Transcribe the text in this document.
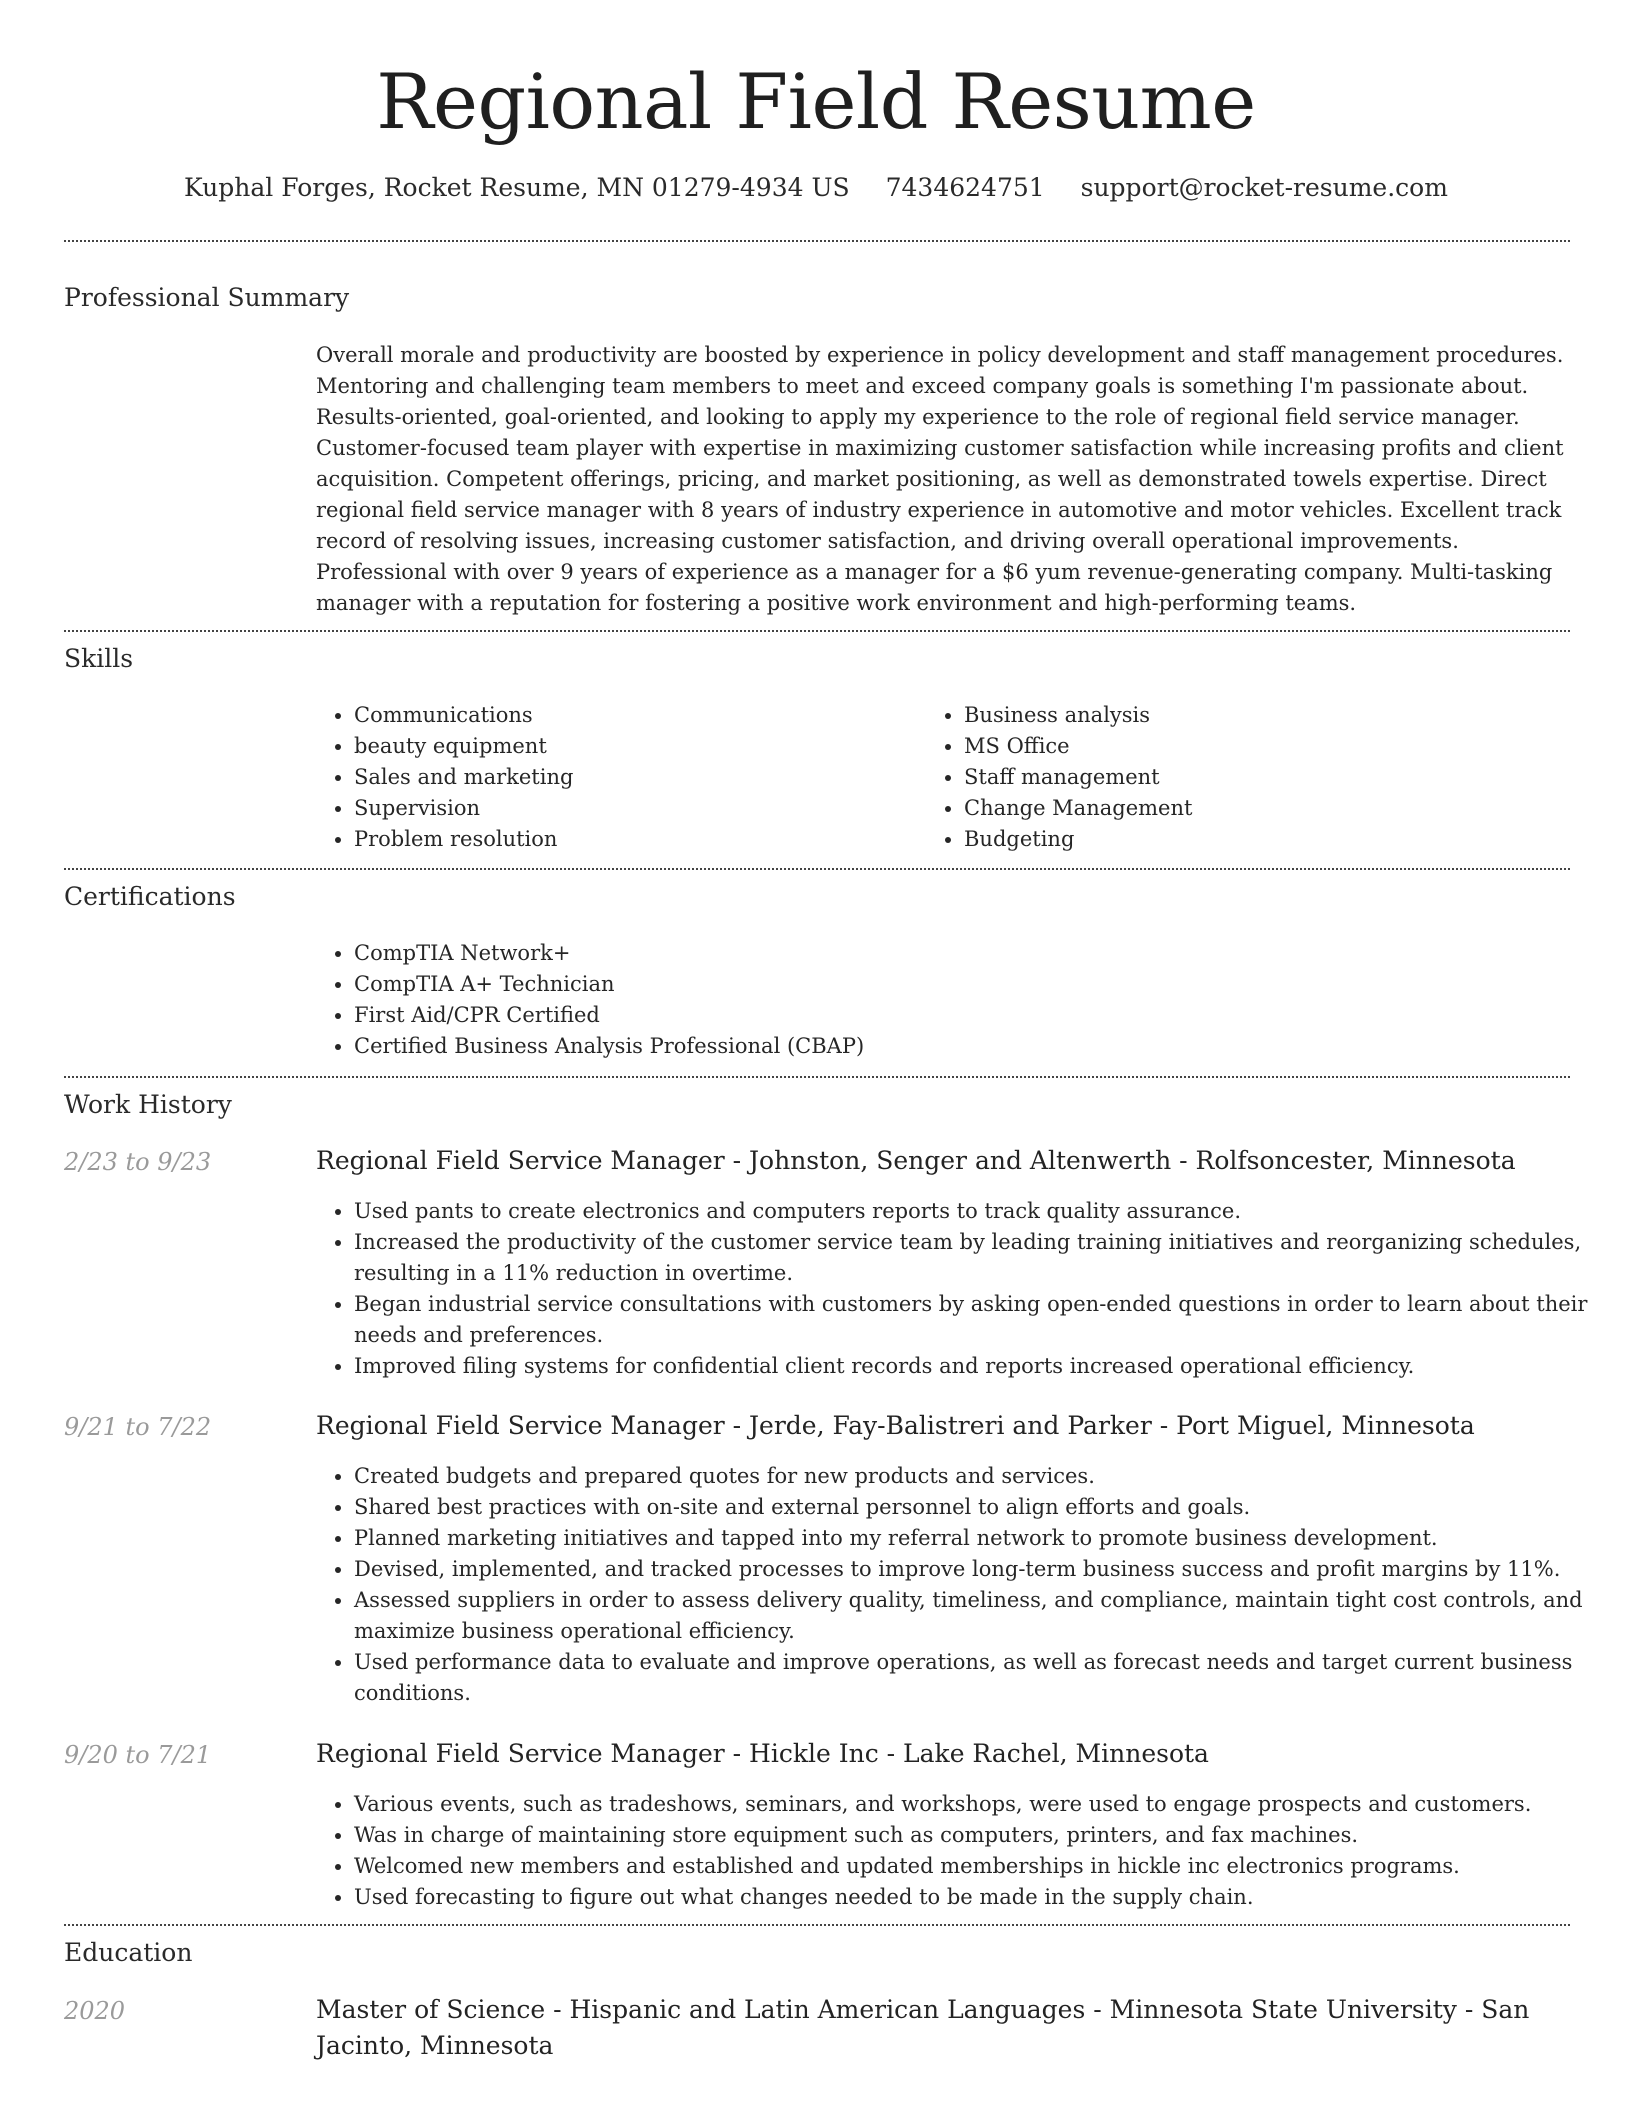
Regional Field Resume
Kuphal Forges, Rocket Resume, MN 01279-4934 US 7434624751 support@rocket-resume.com
Professional Summary
Overall morale and productivity are boosted by experience in policy development and staff management procedures. Mentoring and challenging team members to meet and exceed company goals is something I'm passionate about. Results-oriented, goal-oriented, and looking to apply my experience to the role of regional field service manager. Customer-focused team player with expertise in maximizing customer satisfaction while increasing profits and client acquisition. Competent offerings, pricing, and market positioning, as well as demonstrated towels expertise. Direct regional field service manager with 8 years of industry experience in automotive and motor vehicles. Excellent track record of resolving issues, increasing customer satisfaction, and driving overall operational improvements. Professional with over 9 years of experience as a manager for a $6 yum revenue-generating company. Multi-tasking manager with a reputation for fostering a positive work environment and high-performing teams.
Skills
• Communications
• beauty equipment
• Sales and marketing
• Supervision
• Problem resolution
• Business analysis
• MS Office
• Staff management
• Change Management
• Budgeting
Certifications
• CompTIA Network+
• CompTIA A+ Technician
• First Aid/CPR Certified
• Certified Business Analysis Professional (CBAP)
Work History
2/23 to 9/23	Regional Field Service Manager - Johnston, Senger and Altenwerth - Rolfsoncester, Minnesota
• Used pants to create electronics and computers reports to track quality assurance.
• Increased the productivity of the customer service team by leading training initiatives and reorganizing schedules, resulting in a 11% reduction in overtime.
• Began industrial service consultations with customers by asking open-ended questions in order to learn about their needs and preferences.
• Improved filing systems for confidential client records and reports increased operational efficiency.
9/21 to 7/22	Regional Field Service Manager - Jerde, Fay-Balistreri and Parker - Port Miguel, Minnesota
• Created budgets and prepared quotes for new products and services.
• Shared best practices with on-site and external personnel to align efforts and goals.
• Planned marketing initiatives and tapped into my referral network to promote business development.
• Devised, implemented, and tracked processes to improve long-term business success and profit margins by 11%.
• Assessed suppliers in order to assess delivery quality, timeliness, and compliance, maintain tight cost controls, and maximize business operational efficiency.
• Used performance data to evaluate and improve operations, as well as forecast needs and target current business conditions.
9/20 to 7/21	Regional Field Service Manager - Hickle Inc - Lake Rachel, Minnesota
• Various events, such as tradeshows, seminars, and workshops, were used to engage prospects and customers.
• Was in charge of maintaining store equipment such as computers, printers, and fax machines.
• Welcomed new members and established and updated memberships in hickle inc electronics programs.
• Used forecasting to figure out what changes needed to be made in the supply chain.
Education
2020	Master of Science - Hispanic and Latin American Languages - Minnesota State University - San Jacinto, Minnesota
